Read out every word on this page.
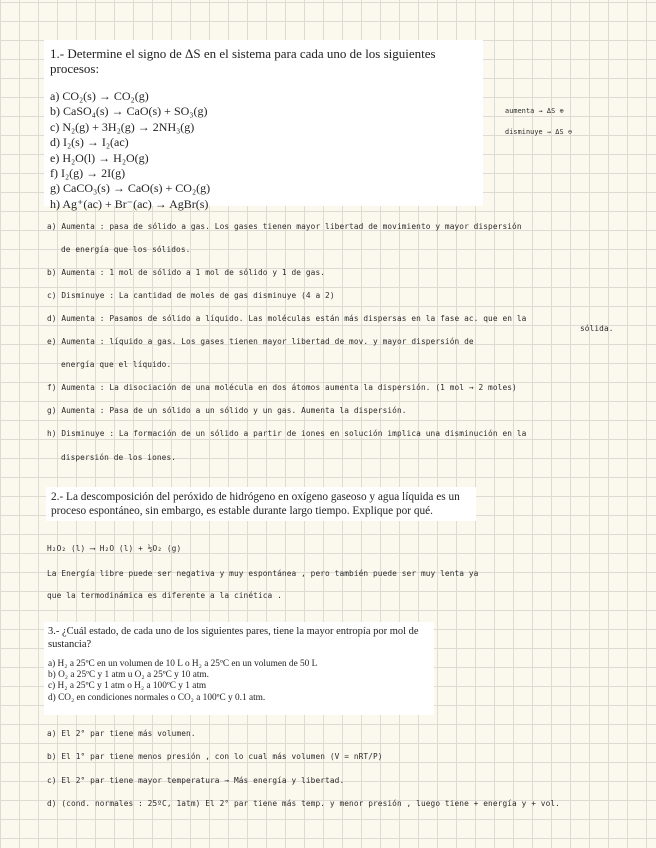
1.- Determine el signo de ΔS en el sistema para cada uno de los siguientes procesos:
a) CO₂(s) → CO₂(g)
b) CaSO₄(s) → CaO(s) + SO₃(g)
c) N₂(g) + 3H₂(g) → 2NH₃(g)
d) I₂(s) → I₂(ac)
e) H₂O(l) → H₂O(g)
f) I₂(g) → 2I(g)
g) CaCO₃(s) → CaO(s) + CO₂(g)
h) Ag⁺(ac) + Br⁻(ac) → AgBr(s)
aumenta → ΔS ⊕
disminuye → ΔS ⊖
a) Aumenta : pasa de sólido a gas. Los gases tienen mayor libertad de movimiento y mayor dispersión
de energía que los sólidos.
b) Aumenta : 1 mol de sólido a 1 mol de sólido y 1 de gas.
c) Disminuye : La cantidad de moles de gas disminuye (4 a 2)
d) Aumenta : Pasamos de sólido a líquido. Las moléculas están más dispersas en la fase ac. que en la
sólida.
e) Aumenta : líquido a gas. Los gases tienen mayor libertad de mov. y mayor dispersión de
energía que el líquido.
f) Aumenta : La disociación de una molécula en dos átomos aumenta la dispersión. (1 mol → 2 moles)
g) Aumenta : Pasa de un sólido a un sólido y un gas. Aumenta la dispersión.
h) Disminuye : La formación de un sólido a partir de iones en solución implica una disminución en la
dispersión de los iones.
2.- La descomposición del peróxido de hidrógeno en oxígeno gaseoso y agua líquida es un proceso espontáneo, sin embargo, es estable durante largo tiempo. Explique por qué.
H₂O₂ (l) ⟶ H₂O (l) + ½O₂ (g)
La Energía libre puede ser negativa y muy espontánea , pero también puede ser muy lenta ya
que la termodinámica es diferente a la cinética .
3.- ¿Cuál estado, de cada uno de los siguientes pares, tiene la mayor entropía por mol de sustancia?
a) H₂ a 25ºC en un volumen de 10 L o H₂ a 25ºC en un volumen de 50 L
b) O₂ a 25ºC y 1 atm u O₂ a 25ºC y 10 atm.
c) H₂ a 25ºC y 1 atm o H₂ a 100ºC y 1 atm
d) CO₂ en condiciones normales o CO₂ a 100ºC y 0.1 atm.
a) El 2° par tiene más volumen.
b) El 1° par tiene menos presión , con lo cual más volumen (V = nRT/P)
c) El 2° par tiene mayor temperatura → Más energía y libertad.
d) (cond. normales : 25ºC, 1atm) El 2° par tiene más temp. y menor presión , luego tiene + energía y + vol.
